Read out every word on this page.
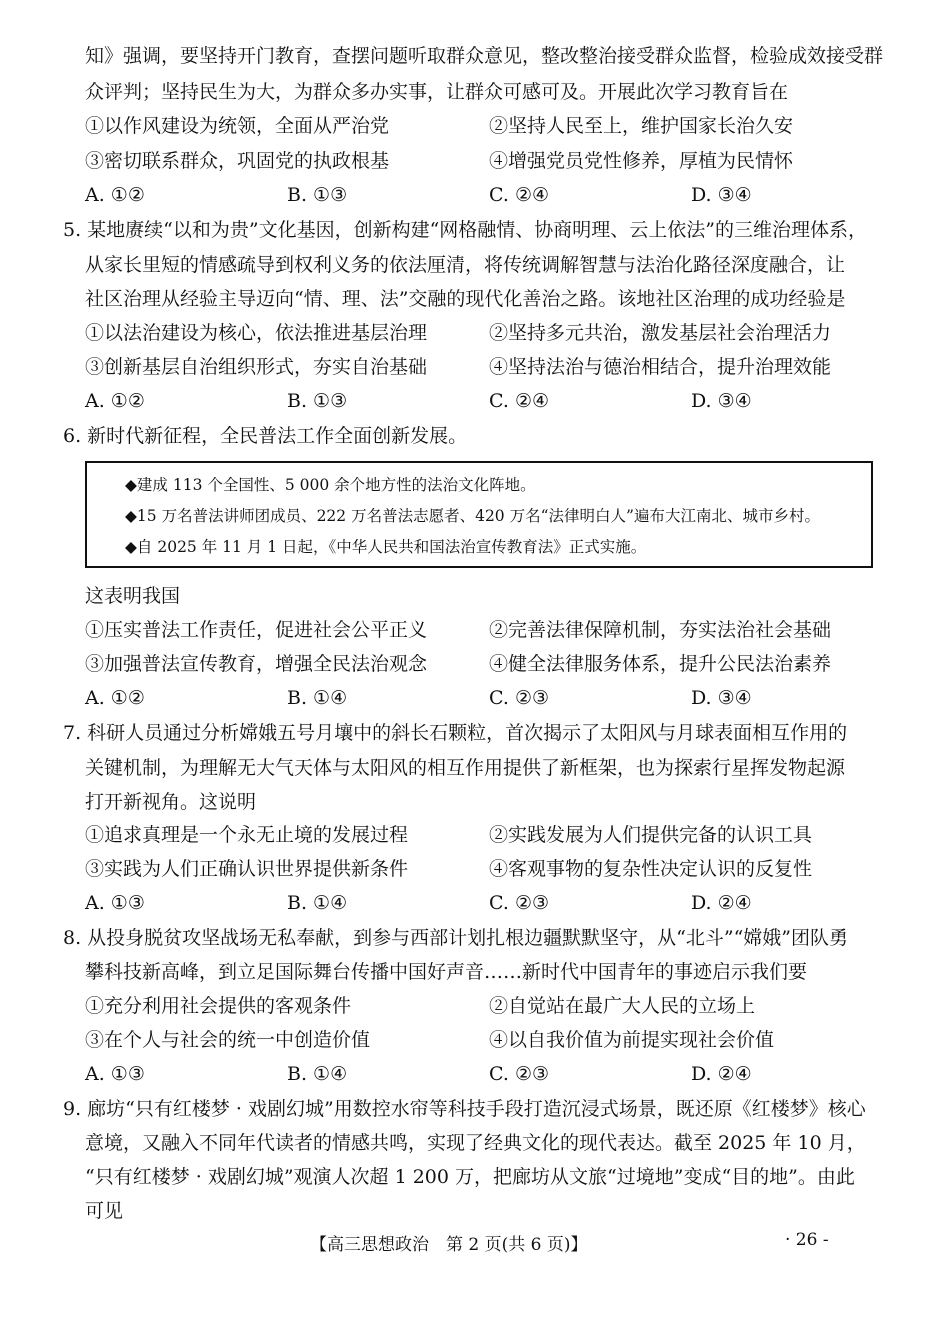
知》强调，要坚持开门教育，查摆问题听取群众意见，整改整治接受群众监督，检验成效接受群
众评判；坚持民生为大，为群众多办实事，让群众可感可及。开展此次学习教育旨在
①以作风建设为统领，全面从严治党	②坚持人民至上，维护国家长治久安
③密切联系群众，巩固党的执政根基	④增强党员党性修养，厚植为民情怀
A. ①②	B. ①③	C. ②④	D. ③④
5. 某地赓续“以和为贵”文化基因，创新构建“网格融情、协商明理、云上依法”的三维治理体系，
从家长里短的情感疏导到权利义务的依法厘清，将传统调解智慧与法治化路径深度融合，让
社区治理从经验主导迈向“情、理、法”交融的现代化善治之路。该地社区治理的成功经验是
①以法治建设为核心，依法推进基层治理	②坚持多元共治，激发基层社会治理活力
③创新基层自治组织形式，夯实自治基础	④坚持法治与德治相结合，提升治理效能
A. ①②	B. ①③	C. ②④	D. ③④
6. 新时代新征程，全民普法工作全面创新发展。
◆建成 113 个全国性、5 000 余个地方性的法治文化阵地。
◆15 万名普法讲师团成员、222 万名普法志愿者、420 万名“法律明白人”遍布大江南北、城市乡村。
◆自 2025 年 11 月 1 日起，《中华人民共和国法治宣传教育法》正式实施。
这表明我国
①压实普法工作责任，促进社会公平正义	②完善法律保障机制，夯实法治社会基础
③加强普法宣传教育，增强全民法治观念	④健全法律服务体系，提升公民法治素养
A. ①②	B. ①④	C. ②③	D. ③④
7. 科研人员通过分析嫦娥五号月壤中的斜长石颗粒，首次揭示了太阳风与月球表面相互作用的
关键机制，为理解无大气天体与太阳风的相互作用提供了新框架，也为探索行星挥发物起源
打开新视角。这说明
①追求真理是一个永无止境的发展过程	②实践发展为人们提供完备的认识工具
③实践为人们正确认识世界提供新条件	④客观事物的复杂性决定认识的反复性
A. ①③	B. ①④	C. ②③	D. ②④
8. 从投身脱贫攻坚战场无私奉献，到参与西部计划扎根边疆默默坚守，从“北斗”“嫦娥”团队勇
攀科技新高峰，到立足国际舞台传播中国好声音……新时代中国青年的事迹启示我们要
①充分利用社会提供的客观条件	②自觉站在最广大人民的立场上
③在个人与社会的统一中创造价值	④以自我价值为前提实现社会价值
A. ①③	B. ①④	C. ②③	D. ②④
9. 廊坊“只有红楼梦 · 戏剧幻城”用数控水帘等科技手段打造沉浸式场景，既还原《红楼梦》核心
意境，又融入不同年代读者的情感共鸣，实现了经典文化的现代表达。截至 2025 年 10 月，
“只有红楼梦 · 戏剧幻城”观演人次超 1 200 万，把廊坊从文旅“过境地”变成“目的地”。由此
可见
【高三思想政治　第 2 页(共 6 页)】	· 26 -
